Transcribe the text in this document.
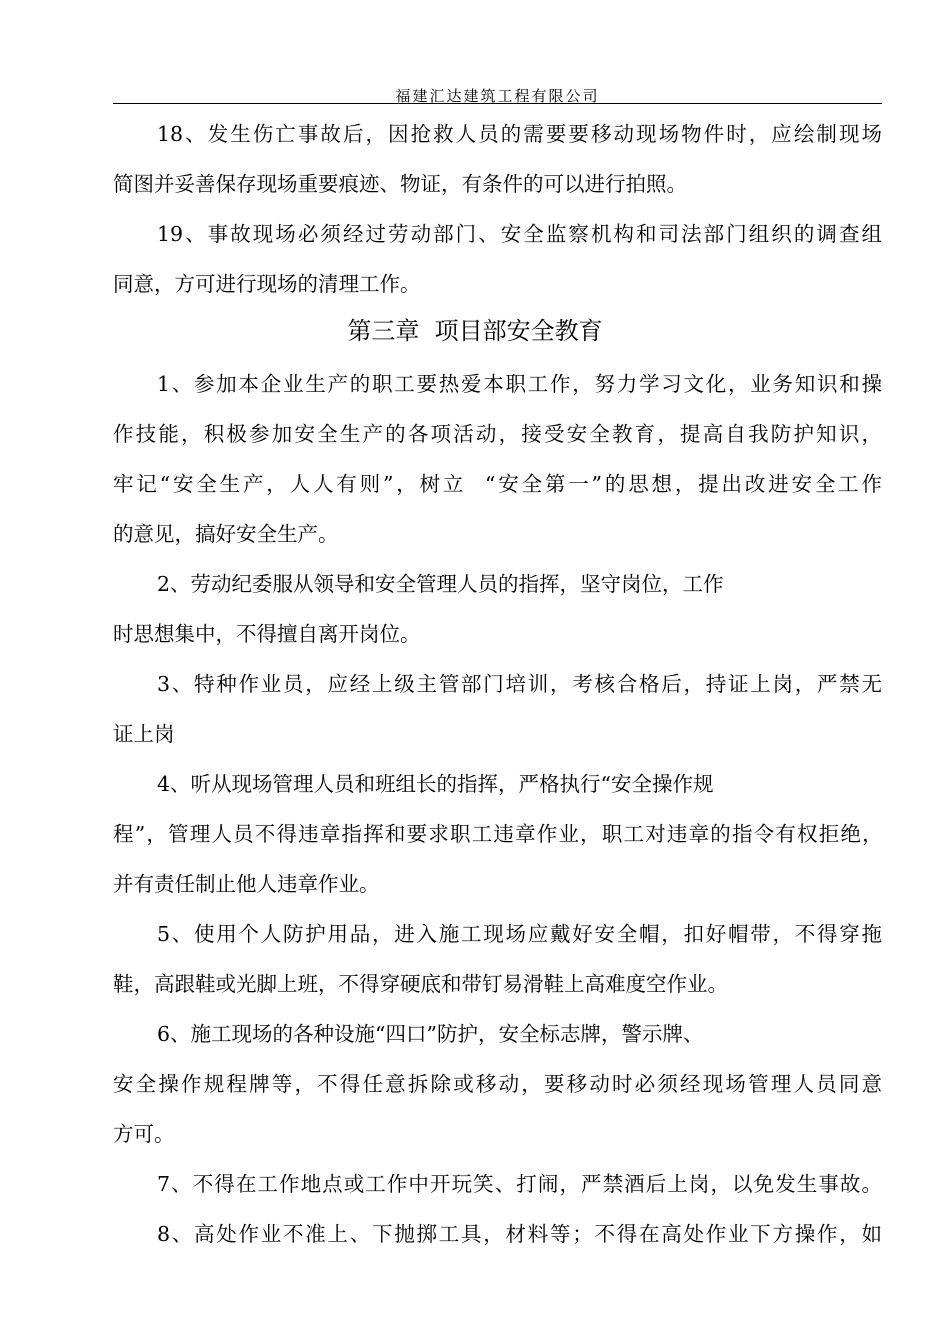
福建汇达建筑工程有限公司
18、发生伤亡事故后，因抢救人员的需要要移动现场物件时，应绘制现场
简图并妥善保存现场重要痕迹、物证，有条件的可以进行拍照。
19、事故现场必须经过劳动部门、安全监察机构和司法部门组织的调查组
同意，方可进行现场的清理工作。
第三章  项目部安全教育
1、参加本企业生产的职工要热爱本职工作，努力学习文化，业务知识和操
作技能，积极参加安全生产的各项活动，接受安全教育，提高自我防护知识，
牢记“安全生产，人人有则”，树立  “安全第一”的思想，提出改进安全工作
的意见，搞好安全生产。
2、劳动纪委服从领导和安全管理人员的指挥，坚守岗位，工作
时思想集中，不得擅自离开岗位。
3、特种作业员，应经上级主管部门培训，考核合格后，持证上岗，严禁无
证上岗
4、听从现场管理人员和班组长的指挥，严格执行“安全操作规
程”，管理人员不得违章指挥和要求职工违章作业，职工对违章的指令有权拒绝，
并有责任制止他人违章作业。
5、使用个人防护用品，进入施工现场应戴好安全帽，扣好帽带，不得穿拖
鞋，高跟鞋或光脚上班，不得穿硬底和带钉易滑鞋上高难度空作业。
6、施工现场的各种设施“四口”防护，安全标志牌，警示牌、
安全操作规程牌等，不得任意拆除或移动，要移动时必须经现场管理人员同意
方可。
7、不得在工作地点或工作中开玩笑、打闹，严禁酒后上岗，以免发生事故。
8、高处作业不准上、下抛掷工具，材料等；不得在高处作业下方操作，如
